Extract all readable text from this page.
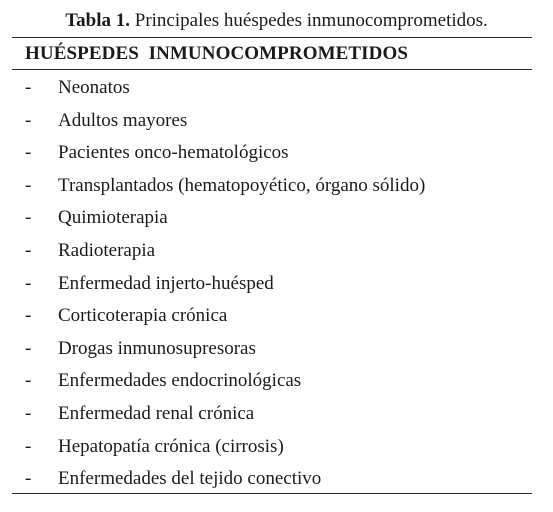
Tabla 1. Principales huéspedes inmunocomprometidos.
HUÉSPEDES  INMUNOCOMPROMETIDOS
- Neonatos
- Adultos mayores
- Pacientes onco-hematológicos
- Transplantados (hematopoyético, órgano sólido)
- Quimioterapia
- Radioterapia
- Enfermedad injerto-huésped
- Corticoterapia crónica
- Drogas inmunosupresoras
- Enfermedades endocrinológicas
- Enfermedad renal crónica
- Hepatopatía crónica (cirrosis)
- Enfermedades del tejido conectivo
